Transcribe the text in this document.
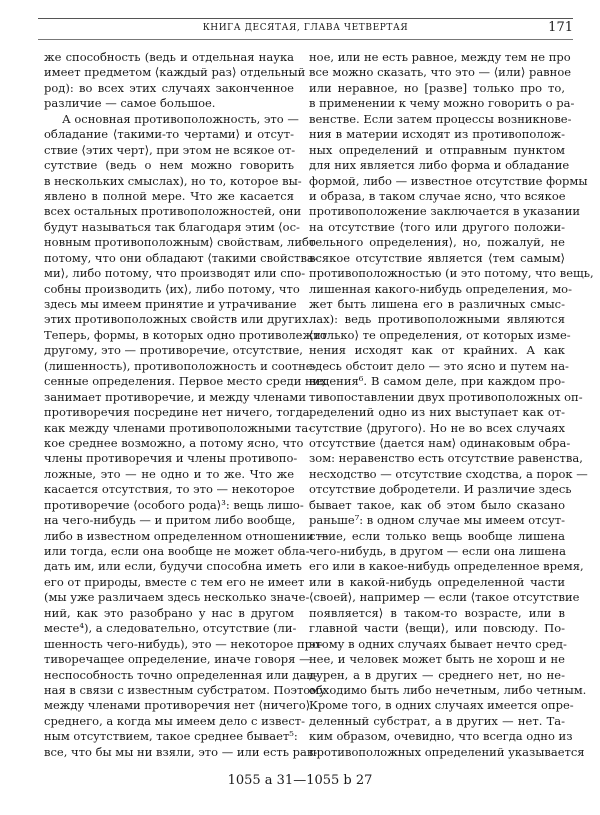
КНИГА ДЕСЯТАЯ, ГЛАВА ЧЕТВЕРТАЯ	171
же способность (ведь и отдельная наука
имеет предметом ⟨каждый раз⟩ отдельный
род): во всех этих случаях законченное
различие — самое большое.
А основная противоположность, это —
обладание ⟨такими-то чертами⟩ и отсут-
ствие ⟨этих черт⟩, при этом не всякое от-
сутствие (ведь о нем можно говорить
в нескольких смыслах), но то, которое вы-
явлено в полной мере. Что же касается
всех остальных противоположностей, они
будут называться так благодаря этим ⟨ос-
новным противоположным⟩ свойствам, либо
потому, что они обладают ⟨такими свойства-
ми⟩, либо потому, что производят или спо-
собны производить ⟨их⟩, либо потому, что
здесь мы имеем принятие и утрачивание
этих противоположных свойств или других.
Теперь, формы, в которых одно противолежит
другому, это — противоречие, отсутствие,
(лишенность), противоположность и соотне-
сенные определения. Первое место среди них
занимает противоречие, и между членами
противоречия посредине нет ничего, тогда
как между членами противоположными та-
кое среднее возможно, а потому ясно, что
члены противоречия и члены противопо-
ложные, это — не одно и то же. Что же
касается отсутствия, то это — некоторое
противоречие ⟨особого рода⟩³: вещь лишо-
на чего-нибудь — и притом либо вообще,
либо в известном определенном отношении —
или тогда, если она вообще не может обла-
дать им, или если, будучи способна иметь
его от природы, вместе с тем его не имеет
(мы уже различаем здесь несколько значе-
ний, как это разобрано у нас в другом
месте⁴), а следовательно, отсутствие (ли-
шенность чего-нибудь), это — некоторое про-
тиворечащее определение, иначе говоря —
неспособность точно определенная или дан-
ная в связи с известным субстратом. Поэтому
между членами противоречия нет ⟨ничего⟩
среднего, а когда мы имеем дело с извест-
ным отсутствием, такое среднее бывает⁵:
все, что бы мы ни взяли, это — или есть рав-
ное, или не есть равное, между тем не про
все можно сказать, что это — ⟨или⟩ равное
или неравное, но [разве] только про то,
в применении к чему можно говорить о ра-
венстве. Если затем процессы возникнове-
ния в материи исходят из противополож-
ных определений и отправным пунктом
для них является либо форма и обладание
формой, либо — известное отсутствие формы
и образа, в таком случае ясно, что всякое
противоположение заключается в указании
на отсутствие ⟨того или другого положи-
тельного определения⟩, но, пожалуй, не
всякое отсутствие является ⟨тем самым⟩
противоположностью (и это потому, что вещь,
лишенная какого-нибудь определения, мо-
жет быть лишена его в различных смыс-
лах): ведь противоположными являются
⟨только⟩ те определения, от которых изме-
нения исходят как от крайних. А как
здесь обстоит дело — это ясно и путем на-
ведения⁶. В самом деле, при каждом про-
тивопоставлении двух противоположных оп-
ределений одно из них выступает как от-
сутствие ⟨другого⟩. Но не во всех случаях
отсутствие ⟨дается нам⟩ одинаковым обра-
зом: неравенство есть отсутствие равенства,
несходство — отсутствие сходства, а порок —
отсутствие добродетели. И различие здесь
бывает такое, как об этом было сказано
раньше⁷: в одном случае мы имеем отсут-
ствие, если только вещь вообще лишена
чего-нибудь, в другом — если она лишена
его или в какое-нибудь определенное время,
или в какой-нибудь определенной части
⟨своей⟩, например — если ⟨такое отсутствие
появляется⟩ в таком-то возрасте, или в
главной части ⟨вещи⟩, или повсюду. По-
этому в одних случаях бывает нечто сред-
нее, и человек может быть не хорош и не
дурен, а в других — среднего нет, но не-
обходимо быть либо нечетным, либо четным.
Кроме того, в одних случаях имеется опре-
деленный субстрат, а в других — нет. Та-
ким образом, очевидно, что всегда одно из
противоположных определений указывается
1055 a 31—1055 b 27
